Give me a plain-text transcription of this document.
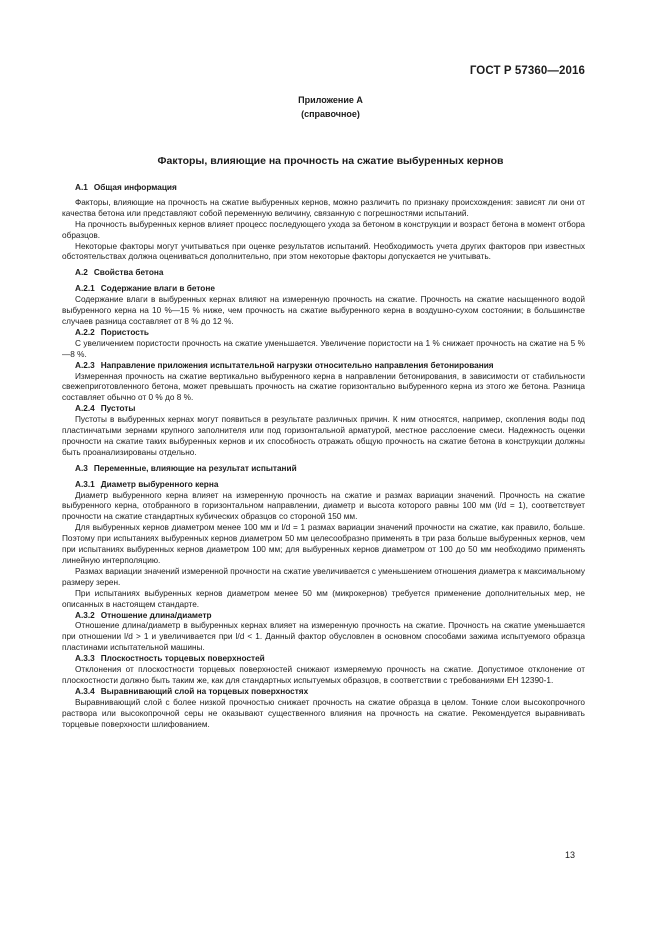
ГОСТ Р 57360—2016
Приложение А
(справочное)
Факторы, влияющие на прочность на сжатие выбуренных кернов
А.1 Общая информация
Факторы, влияющие на прочность на сжатие выбуренных кернов, можно различить по признаку происхождения: зависят ли они от качества бетона или представляют собой переменную величину, связанную с погрешностями испытаний.
На прочность выбуренных кернов влияет процесс последующего ухода за бетоном в конструкции и возраст бетона в момент отбора образцов.
Некоторые факторы могут учитываться при оценке результатов испытаний. Необходимость учета других факторов при известных обстоятельствах должна оцениваться дополнительно, при этом некоторые факторы допускается не учитывать.
А.2 Свойства бетона
А.2.1 Содержание влаги в бетоне
Содержание влаги в выбуренных кернах влияют на измеренную прочность на сжатие. Прочность на сжатие насыщенного водой выбуренного керна на 10 %—15 % ниже, чем прочность на сжатие выбуренного керна в воздушно-сухом состоянии; в большинстве случаев разница составляет от 8 % до 12 %.
А.2.2 Пористость
С увеличением пористости прочность на сжатие уменьшается. Увеличение пористости на 1 % снижает прочность на сжатие на 5 %—8 %.
А.2.3 Направление приложения испытательной нагрузки относительно направления бетонирования
Измеренная прочность на сжатие вертикально выбуренного керна в направлении бетонирования, в зависимости от стабильности свежеприготовленного бетона, может превышать прочность на сжатие горизонтально выбуренного керна из этого же бетона. Разница составляет обычно от 0 % до 8 %.
А.2.4 Пустоты
Пустоты в выбуренных кернах могут появиться в результате различных причин. К ним относятся, например, скопления воды под пластинчатыми зернами крупного заполнителя или под горизонтальной арматурой, местное расслоение смеси. Надежность оценки прочности на сжатие таких выбуренных кернов и их способность отражать общую прочность на сжатие бетона в конструкции должны быть проанализированы отдельно.
А.3 Переменные, влияющие на результат испытаний
А.3.1 Диаметр выбуренного керна
Диаметр выбуренного керна влияет на измеренную прочность на сжатие и размах вариации значений. Прочность на сжатие выбуренного керна, отобранного в горизонтальном направлении, диаметр и высота которого равны 100 мм (l/d = 1), соответствует прочности на сжатие стандартных кубических образцов со стороной 150 мм.
Для выбуренных кернов диаметром менее 100 мм и l/d = 1 размах вариации значений прочности на сжатие, как правило, больше. Поэтому при испытаниях выбуренных кернов диаметром 50 мм целесообразно применять в три раза больше выбуренных кернов, чем при испытаниях выбуренных кернов диаметром 100 мм; для выбуренных кернов диаметром от 100 до 50 мм необходимо применять линейную интерполяцию.
Размах вариации значений измеренной прочности на сжатие увеличивается с уменьшением отношения диаметра к максимальному размеру зерен.
При испытаниях выбуренных кернов диаметром менее 50 мм (микрокернов) требуется применение дополнительных мер, не описанных в настоящем стандарте.
А.3.2 Отношение длина/диаметр
Отношение длина/диаметр в выбуренных кернах влияет на измеренную прочность на сжатие. Прочность на сжатие уменьшается при отношении l/d > 1 и увеличивается при l/d < 1. Данный фактор обусловлен в основном способами зажима испытуемого образца пластинами испытательной машины.
А.3.3 Плоскостность торцевых поверхностей
Отклонения от плоскостности торцевых поверхностей снижают измеряемую прочность на сжатие. Допустимое отклонение от плоскостности должно быть таким же, как для стандартных испытуемых образцов, в соответствии с требованиями ЕН 12390-1.
А.3.4 Выравнивающий слой на торцевых поверхностях
Выравнивающий слой с более низкой прочностью снижает прочность на сжатие образца в целом. Тонкие слои высокопрочного раствора или высокопрочной серы не оказывают существенного влияния на прочность на сжатие. Рекомендуется выравнивать торцевые поверхности шлифованием.
13
